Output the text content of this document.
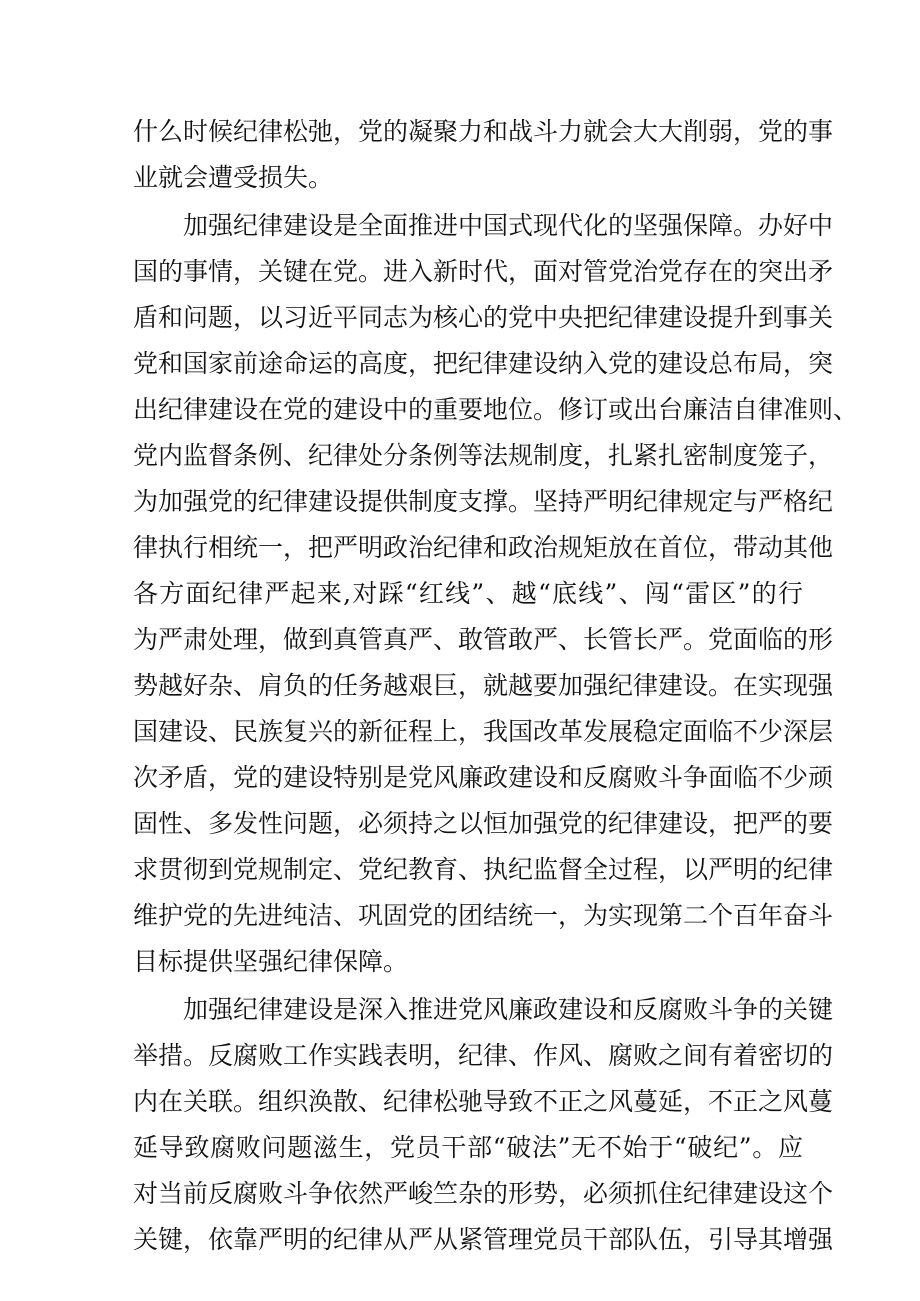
什么时候纪律松弛，党的凝聚力和战斗力就会大大削弱，党的事
业就会遭受损失。
加强纪律建设是全面推进中国式现代化的坚强保障。办好中
国的事情，关键在党。进入新时代，面对管党治党存在的突出矛
盾和问题，以习近平同志为核心的党中央把纪律建设提升到事关
党和国家前途命运的高度，把纪律建设纳入党的建设总布局，突
出纪律建设在党的建设中的重要地位。修订或出台廉洁自律准则、
党内监督条例、纪律处分条例等法规制度，扎紧扎密制度笼子，
为加强党的纪律建设提供制度支撑。坚持严明纪律规定与严格纪
律执行相统一，把严明政治纪律和政治规矩放在首位，带动其他
各方面纪律严起来,对踩“红线”、越“底线”、闯“雷区”的行
为严肃处理，做到真管真严、敢管敢严、长管长严。党面临的形
势越好杂、肩负的任务越艰巨，就越要加强纪律建设。在实现强
国建设、民族复兴的新征程上，我国改革发展稳定面临不少深层
次矛盾，党的建设特别是党风廉政建设和反腐败斗争面临不少顽
固性、多发性问题，必须持之以恒加强党的纪律建设，把严的要
求贯彻到党规制定、党纪教育、执纪监督全过程，以严明的纪律
维护党的先进纯洁、巩固党的团结统一，为实现第二个百年奋斗
目标提供坚强纪律保障。
加强纪律建设是深入推进党风廉政建设和反腐败斗争的关键
举措。反腐败工作实践表明，纪律、作风、腐败之间有着密切的
内在关联。组织涣散、纪律松驰导致不正之风蔓延，不正之风蔓
延导致腐败问题滋生，党员干部“破法”无不始于“破纪”。应
对当前反腐败斗争依然严峻竺杂的形势，必须抓住纪律建设这个
关键，依靠严明的纪律从严从紧管理党员干部队伍，引导其增强
